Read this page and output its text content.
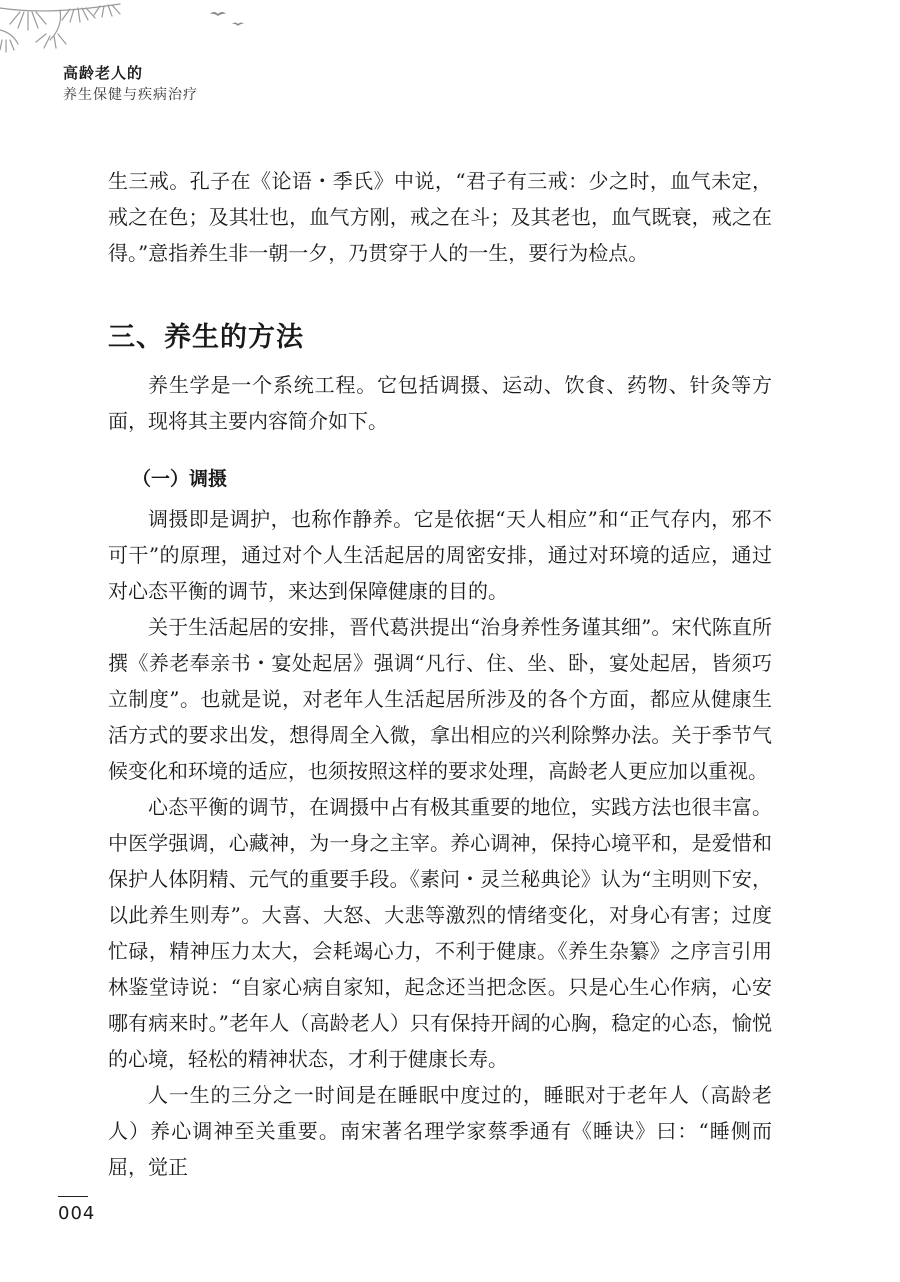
高龄老人的
养生保健与疾病治疗

生三戒。孔子在《论语・季氏》中说，“君子有三戒：少之时，血气未定，戒之在色；及其壮也，血气方刚，戒之在斗；及其老也，血气既衰，戒之在得。”意指养生非一朝一夕，乃贯穿于人的一生，要行为检点。

三、养生的方法

养生学是一个系统工程。它包括调摄、运动、饮食、药物、针灸等方面，现将其主要内容简介如下。

（一）调摄

调摄即是调护，也称作静养。它是依据“天人相应”和“正气存内，邪不可干”的原理，通过对个人生活起居的周密安排，通过对环境的适应，通过对心态平衡的调节，来达到保障健康的目的。

关于生活起居的安排，晋代葛洪提出“治身养性务谨其细”。宋代陈直所撰《养老奉亲书・宴处起居》强调“凡行、住、坐、卧，宴处起居，皆须巧立制度”。也就是说，对老年人生活起居所涉及的各个方面，都应从健康生活方式的要求出发，想得周全入微，拿出相应的兴利除弊办法。关于季节气候变化和环境的适应，也须按照这样的要求处理，高龄老人更应加以重视。

心态平衡的调节，在调摄中占有极其重要的地位，实践方法也很丰富。中医学强调，心藏神，为一身之主宰。养心调神，保持心境平和，是爱惜和保护人体阴精、元气的重要手段。《素问・灵兰秘典论》认为“主明则下安，以此养生则寿”。大喜、大怒、大悲等激烈的情绪变化，对身心有害；过度忙碌，精神压力太大，会耗竭心力，不利于健康。《养生杂纂》之序言引用林鉴堂诗说：“自家心病自家知，起念还当把念医。只是心生心作病，心安哪有病来时。”老年人（高龄老人）只有保持开阔的心胸，稳定的心态，愉悦的心境，轻松的精神状态，才利于健康长寿。

人一生的三分之一时间是在睡眠中度过的，睡眠对于老年人（高龄老人）养心调神至关重要。南宋著名理学家蔡季通有《睡诀》曰：“睡侧而屈，觉正

004
